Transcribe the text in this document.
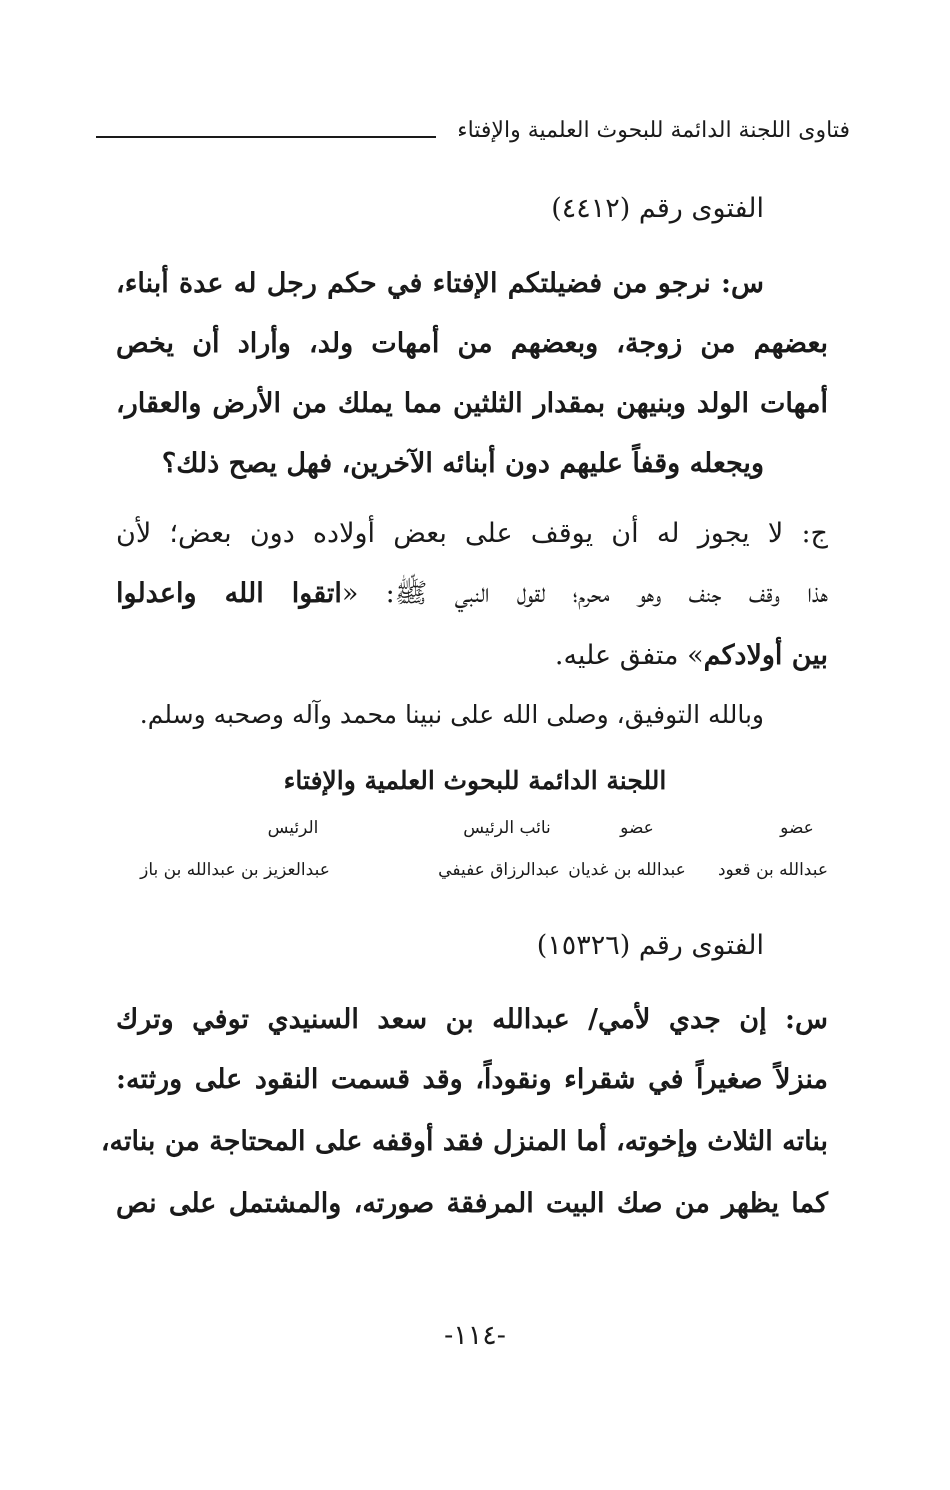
فتاوى اللجنة الدائمة للبحوث العلمية والإفتاء
الفتوى رقم (٤٤١٢)
س: نرجو من فضيلتكم الإفتاء في حكم رجل له عدة أبناء،
بعضهم من زوجة، وبعضهم من أمهات ولد، وأراد أن يخص
أمهات الولد وبنيهن بمقدار الثلثين مما يملك من الأرض والعقار،
ويجعله وقفاً عليهم دون أبنائه الآخرين، فهل يصح ذلك؟
ج: لا يجوز له أن يوقف على بعض أولاده دون بعض؛ لأن
هذا وقف جنف وهو محرم؛ لقول النبي ﷺ: «اتقوا الله واعدلوا
بين أولادكم» متفق عليه.
وبالله التوفيق، وصلى الله على نبينا محمد وآله وصحبه وسلم.
اللجنة الدائمة للبحوث العلمية والإفتاء
عضو
عضو
نائب الرئيس
الرئيس
عبدالله بن قعود
عبدالله بن غديان
عبدالرزاق عفيفي
عبدالعزيز بن عبدالله بن باز
الفتوى رقم (١٥٣٢٦)
س: إن جدي لأمي/ عبدالله بن سعد السنيدي توفي وترك
منزلاً صغيراً في شقراء ونقوداً، وقد قسمت النقود على ورثته:
بناته الثلاث وإخوته، أما المنزل فقد أوقفه على المحتاجة من بناته،
كما يظهر من صك البيت المرفقة صورته، والمشتمل على نص
-١١٤-
